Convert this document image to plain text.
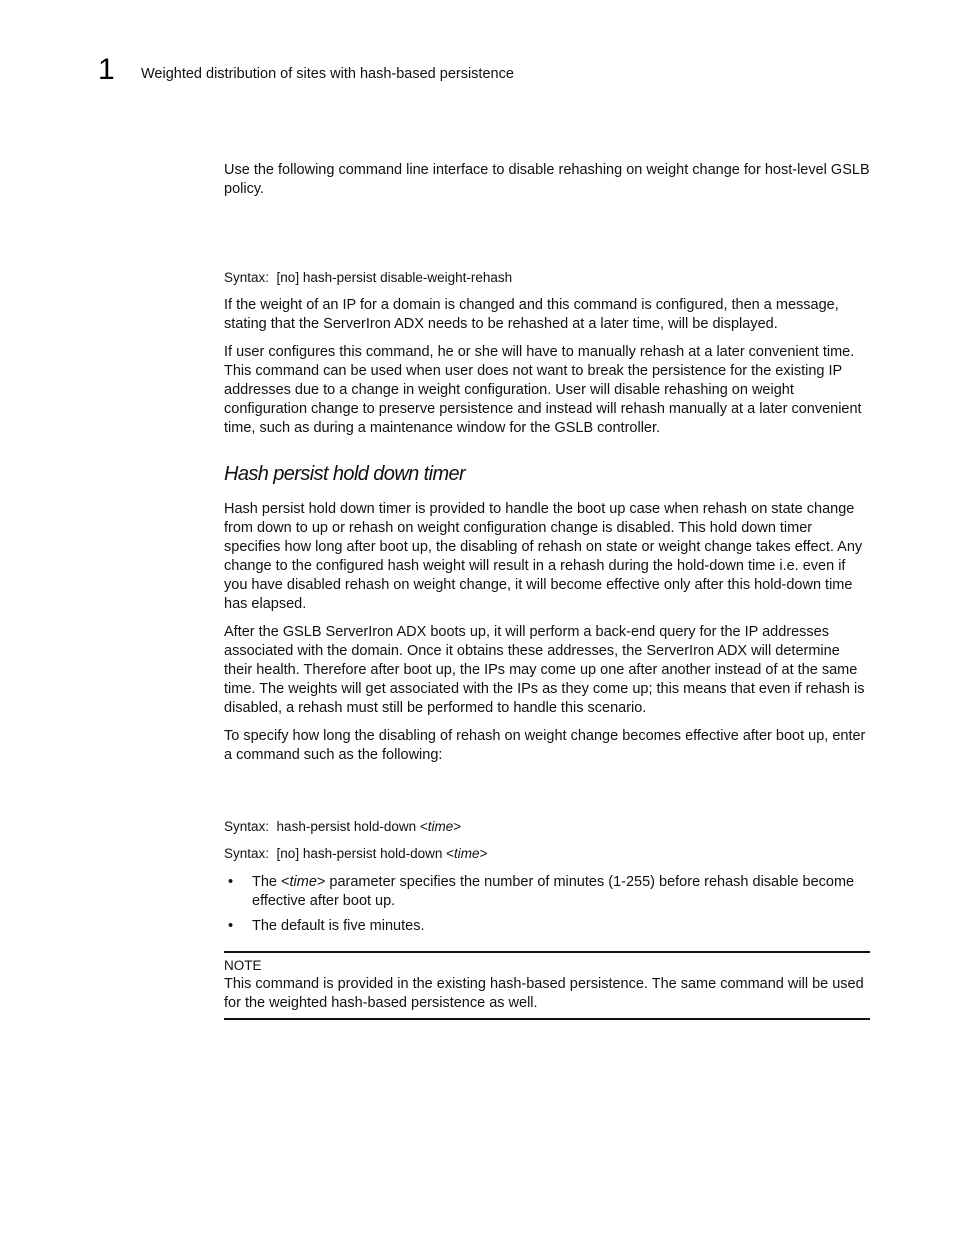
1 Weighted distribution of sites with hash-based persistence

Use the following command line interface to disable rehashing on weight change for host-level GSLB policy.

Syntax: [no] hash-persist disable-weight-rehash

If the weight of an IP for a domain is changed and this command is configured, then a message, stating that the ServerIron ADX needs to be rehashed at a later time, will be displayed.

If user configures this command, he or she will have to manually rehash at a later convenient time. This command can be used when user does not want to break the persistence for the existing IP addresses due to a change in weight configuration. User will disable rehashing on weight configuration change to preserve persistence and instead will rehash manually at a later convenient time, such as during a maintenance window for the GSLB controller.

Hash persist hold down timer

Hash persist hold down timer is provided to handle the boot up case when rehash on state change from down to up or rehash on weight configuration change is disabled. This hold down timer specifies how long after boot up, the disabling of rehash on state or weight change takes effect. Any change to the configured hash weight will result in a rehash during the hold-down time i.e. even if you have disabled rehash on weight change, it will become effective only after this hold-down time has elapsed.

After the GSLB ServerIron ADX boots up, it will perform a back-end query for the IP addresses associated with the domain. Once it obtains these addresses, the ServerIron ADX will determine their health. Therefore after boot up, the IPs may come up one after another instead of at the same time. The weights will get associated with the IPs as they come up; this means that even if rehash is disabled, a rehash must still be performed to handle this scenario.

To specify how long the disabling of rehash on weight change becomes effective after boot up, enter a command such as the following:

Syntax: hash-persist hold-down <time>

Syntax: [no] hash-persist hold-down <time>

• The <time> parameter specifies the number of minutes (1-255) before rehash disable become effective after boot up.
• The default is five minutes.
NOTE
This command is provided in the existing hash-based persistence. The same command will be used for the weighted hash-based persistence as well.
